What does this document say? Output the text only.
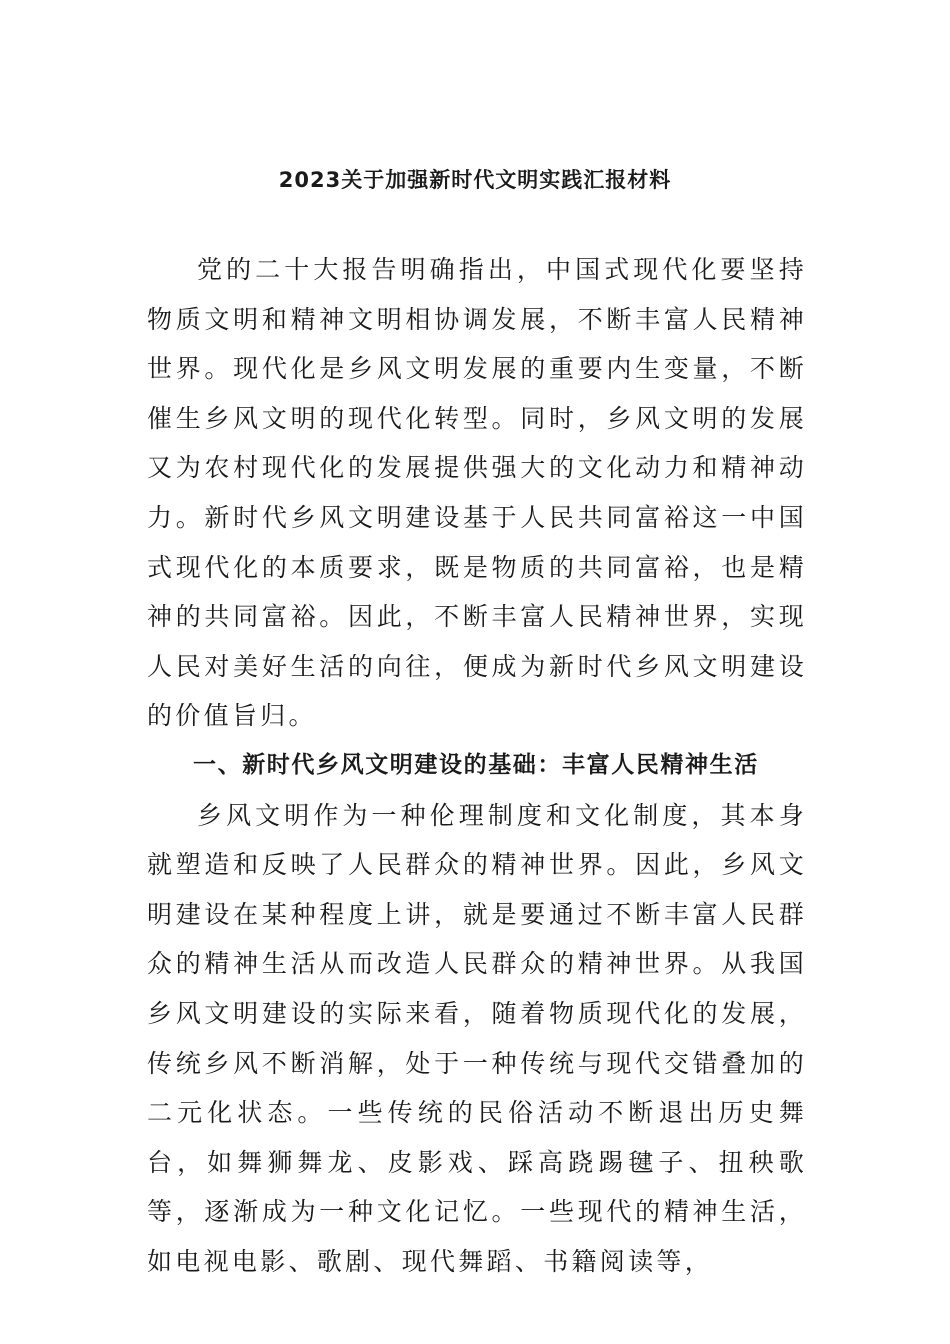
2023关于加强新时代文明实践汇报材料

党的二十大报告明确指出，中国式现代化要坚持物质文明和精神文明相协调发展，不断丰富人民精神世界。现代化是乡风文明发展的重要内生变量，不断催生乡风文明的现代化转型。同时，乡风文明的发展又为农村现代化的发展提供强大的文化动力和精神动力。新时代乡风文明建设基于人民共同富裕这一中国式现代化的本质要求，既是物质的共同富裕，也是精神的共同富裕。因此，不断丰富人民精神世界，实现人民对美好生活的向往，便成为新时代乡风文明建设的价值旨归。

一、新时代乡风文明建设的基础：丰富人民精神生活

乡风文明作为一种伦理制度和文化制度，其本身就塑造和反映了人民群众的精神世界。因此，乡风文明建设在某种程度上讲，就是要通过不断丰富人民群众的精神生活从而改造人民群众的精神世界。从我国乡风文明建设的实际来看，随着物质现代化的发展，传统乡风不断消解，处于一种传统与现代交错叠加的二元化状态。一些传统的民俗活动不断退出历史舞台，如舞狮舞龙、皮影戏、踩高跷踢毽子、扭秧歌等，逐渐成为一种文化记忆。一些现代的精神生活，如电视电影、歌剧、现代舞蹈、书籍阅读等，
